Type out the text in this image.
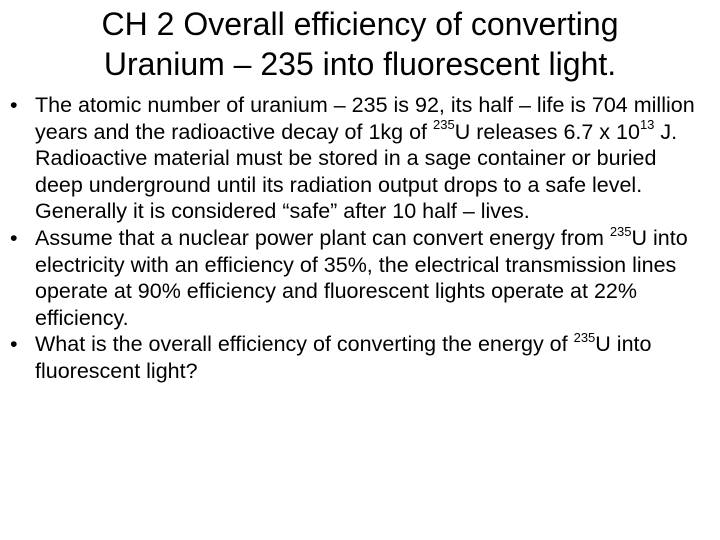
CH 2 Overall efficiency of converting
Uranium – 235 into fluorescent light.
• The atomic number of uranium – 235 is 92, its half – life is 704 million years and the radioactive decay of 1kg of $^{235}$U releases 6.7 x $10^{13}$ J. Radioactive material must be stored in a sage container or buried deep underground until its radiation output drops to a safe level. Generally it is considered “safe” after 10 half – lives.
• Assume that a nuclear power plant can convert energy from $^{235}$U into electricity with an efficiency of 35%, the electrical transmission lines operate at 90% efficiency and fluorescent lights operate at 22% efficiency.
• What is the overall efficiency of converting the energy of $^{235}$U into fluorescent light?
